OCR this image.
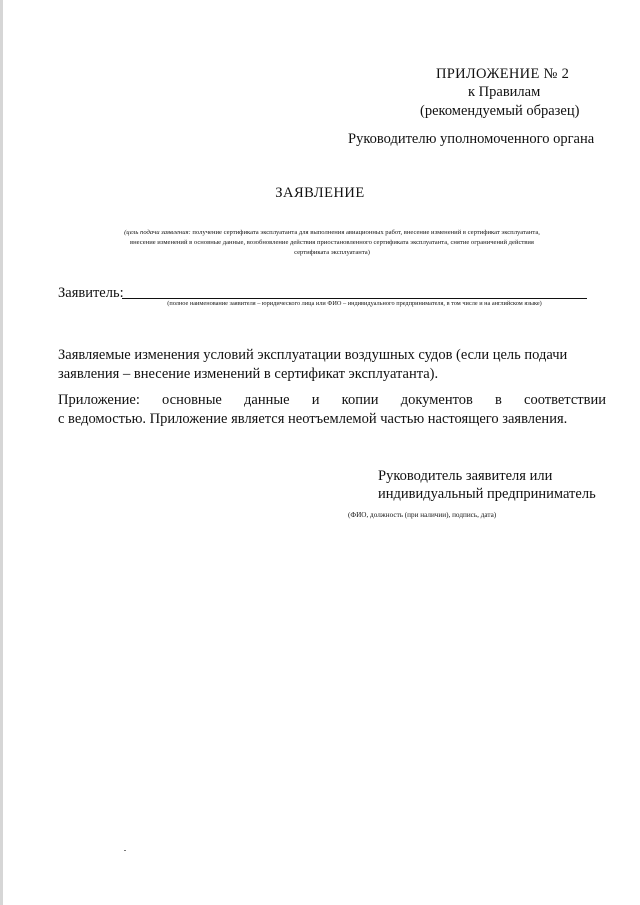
ПРИЛОЖЕНИЕ № 2
к Правилам
(рекомендуемый образец)
Руководителю уполномоченного органа
ЗАЯВЛЕНИЕ
(цель подачи заявления: получение сертификата эксплуатанта для выполнения авиационных работ, внесение изменений в сертификат эксплуатанта,
внесение изменений в основные данные, возобновление действия приостановленного сертификата эксплуатанта, снятие ограничений действия
сертификата эксплуатанта)
Заявитель:
(полное наименование заявителя – юридического лица или ФИО – индивидуального предпринимателя, в том числе и на английском языке)
Заявляемые изменения условий эксплуатации воздушных судов (если цель подачи
заявления – внесение изменений в сертификат эксплуатанта).
Приложение: основные данные и копии документов в соответствии
с ведомостью. Приложение является неотъемлемой частью настоящего заявления.
Руководитель заявителя или
индивидуальный предприниматель
(ФИО, должность (при наличии), подпись, дата)
